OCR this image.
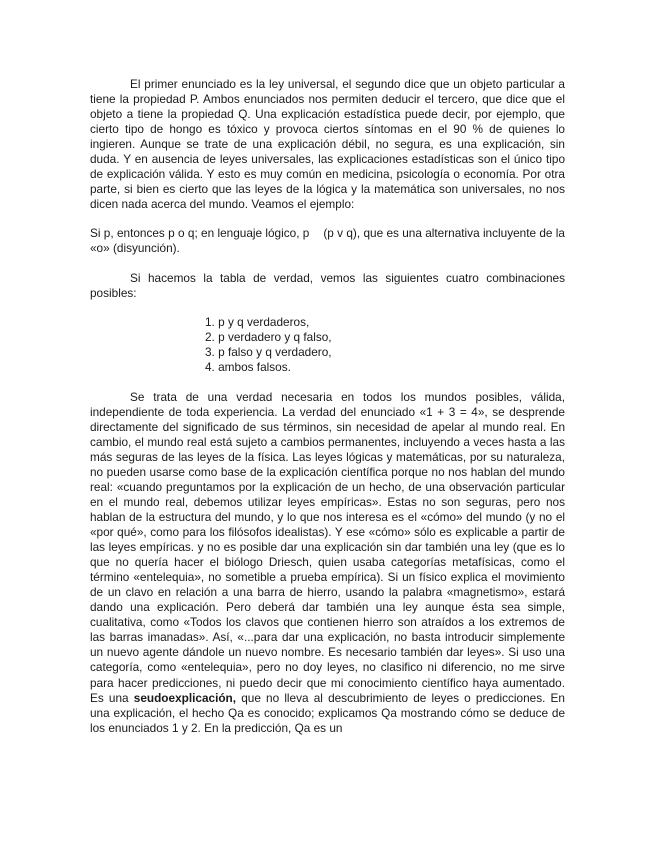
El primer enunciado es la ley universal, el segundo dice que un objeto particular a tiene la propiedad P. Ambos enunciados nos permiten deducir el tercero, que dice que el objeto a tiene la propiedad Q. Una explicación estadística puede decir, por ejemplo, que cierto tipo de hongo es tóxico y provoca ciertos síntomas en el 90 % de quienes lo ingieren. Aunque se trate de una explicación débil, no segura, es una explicación, sin duda. Y en ausencia de leyes universales, las explicaciones estadísticas son el único tipo de explicación válida. Y esto es muy común en medicina, psicología o economía. Por otra parte, si bien es cierto que las leyes de la lógica y la matemática son universales, no nos dicen nada acerca del mundo. Veamos el ejemplo:

Si p, entonces p o q; en lenguaje lógico, p (p v q), que es una alternativa incluyente de la «o» (disyunción).

Si hacemos la tabla de verdad, vemos las siguientes cuatro combinaciones posibles:

1. p y q verdaderos,
2. p verdadero y q falso,
3. p falso y q verdadero,
4. ambos falsos.

Se trata de una verdad necesaria en todos los mundos posibles, válida, independiente de toda experiencia. La verdad del enunciado «1 + 3 = 4», se desprende directamente del significado de sus términos, sin necesidad de apelar al mundo real. En cambio, el mundo real está sujeto a cambios permanentes, incluyendo a veces hasta a las más seguras de las leyes de la física. Las leyes lógicas y matemáticas, por su naturaleza, no pueden usarse como base de la explicación científica porque no nos hablan del mundo real: «cuando preguntamos por la explicación de un hecho, de una observación particular en el mundo real, debemos utilizar leyes empíricas». Estas no son seguras, pero nos hablan de la estructura del mundo, y lo que nos interesa es el «cómo» del mundo (y no el «por qué», como para los filósofos idealistas). Y ese «cómo» sólo es explicable a partir de las leyes empíricas. y no es posible dar una explicación sin dar también una ley (que es lo que no quería hacer el biólogo Driesch, quien usaba categorías metafísicas, como el término «entelequia», no sometible a prueba empírica). Si un físico explica el movimiento de un clavo en relación a una barra de hierro, usando la palabra «magnetismo», estará dando una explicación. Pero deberá dar también una ley aunque ésta sea simple, cualitativa, como «Todos los clavos que contienen hierro son atraídos a los extremos de las barras imanadas». Así, «...para dar una explicación, no basta introducir simplemente un nuevo agente dándole un nuevo nombre. Es necesario también dar leyes». Si uso una categoría, como «entelequia», pero no doy leyes, no clasifico ni diferencio, no me sirve para hacer predicciones, ni puedo decir que mi conocimiento científico haya aumentado. Es una seudoexplicación, que no lleva al descubrimiento de leyes o predicciones. En una explicación, el hecho Qa es conocido; explicamos Qa mostrando cómo se deduce de los enunciados 1 y 2. En la predicción, Qa es un
